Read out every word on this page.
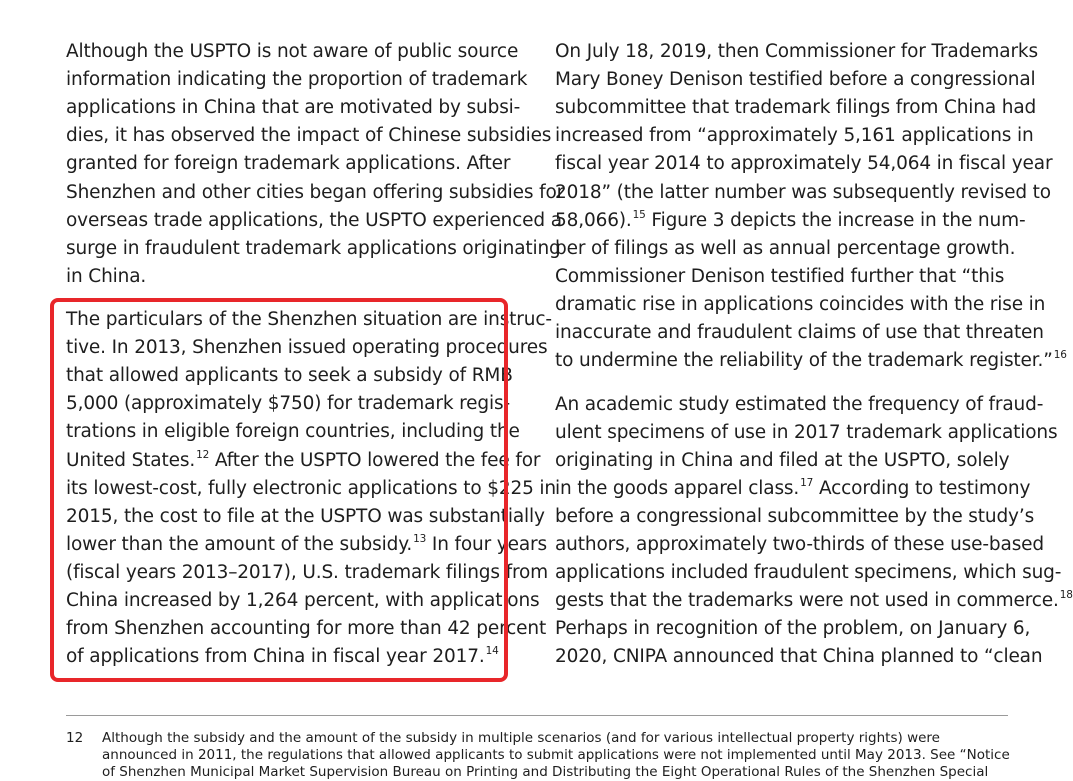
Although the USPTO is not aware of public source
information indicating the proportion of trademark
applications in China that are motivated by subsi-
dies, it has observed the impact of Chinese subsidies
granted for foreign trademark applications. After
Shenzhen and other cities began offering subsidies for
overseas trade applications, the USPTO experienced a
surge in fraudulent trademark applications originating
in China.
The particulars of the Shenzhen situation are instruc-
tive. In 2013, Shenzhen issued operating procedures
that allowed applicants to seek a subsidy of RMB
5,000 (approximately $750) for trademark regis-
trations in eligible foreign countries, including the
United States.$^{12}$ After the USPTO lowered the fee for
its lowest-cost, fully electronic applications to $225 in
2015, the cost to file at the USPTO was substantially
lower than the amount of the subsidy.$^{13}$ In four years
(fiscal years 2013–2017), U.S. trademark filings from
China increased by 1,264 percent, with applications
from Shenzhen accounting for more than 42 percent
of applications from China in fiscal year 2017.14
On July 18, 2019, then Commissioner for Trademarks
Mary Boney Denison testified before a congressional
subcommittee that trademark filings from China had
increased from “approximately 5,161 applications in
fiscal year 2014 to approximately 54,064 in fiscal year
2018” (the latter number was subsequently revised to
58,066).$^{15}$ Figure 3 depicts the increase in the num-
ber of filings as well as annual percentage growth.
Commissioner Denison testified further that “this
dramatic rise in applications coincides with the rise in
inaccurate and fraudulent claims of use that threaten
to undermine the reliability of the trademark register.”$^{16}$
An academic study estimated the frequency of fraud-
ulent specimens of use in 2017 trademark applications
originating in China and filed at the USPTO, solely
in the goods apparel class.$^{17}$ According to testimony
before a congressional subcommittee by the study’s
authors, approximately two-thirds of these use-based
applications included fraudulent specimens, which sug-
gests that the trademarks were not used in commerce.$^{18}$
Perhaps in recognition of the problem, on January 6,
2020, CNIPA announced that China planned to “clean
12 Although the subsidy and the amount of the subsidy in multiple scenarios (and for various intellectual property rights) were
announced in 2011, the regulations that allowed applicants to submit applications were not implemented until May 2013. See “Notice
of Shenzhen Municipal Market Supervision Bureau on Printing and Distributing the Eight Operational Rules of the Shenzhen Special
